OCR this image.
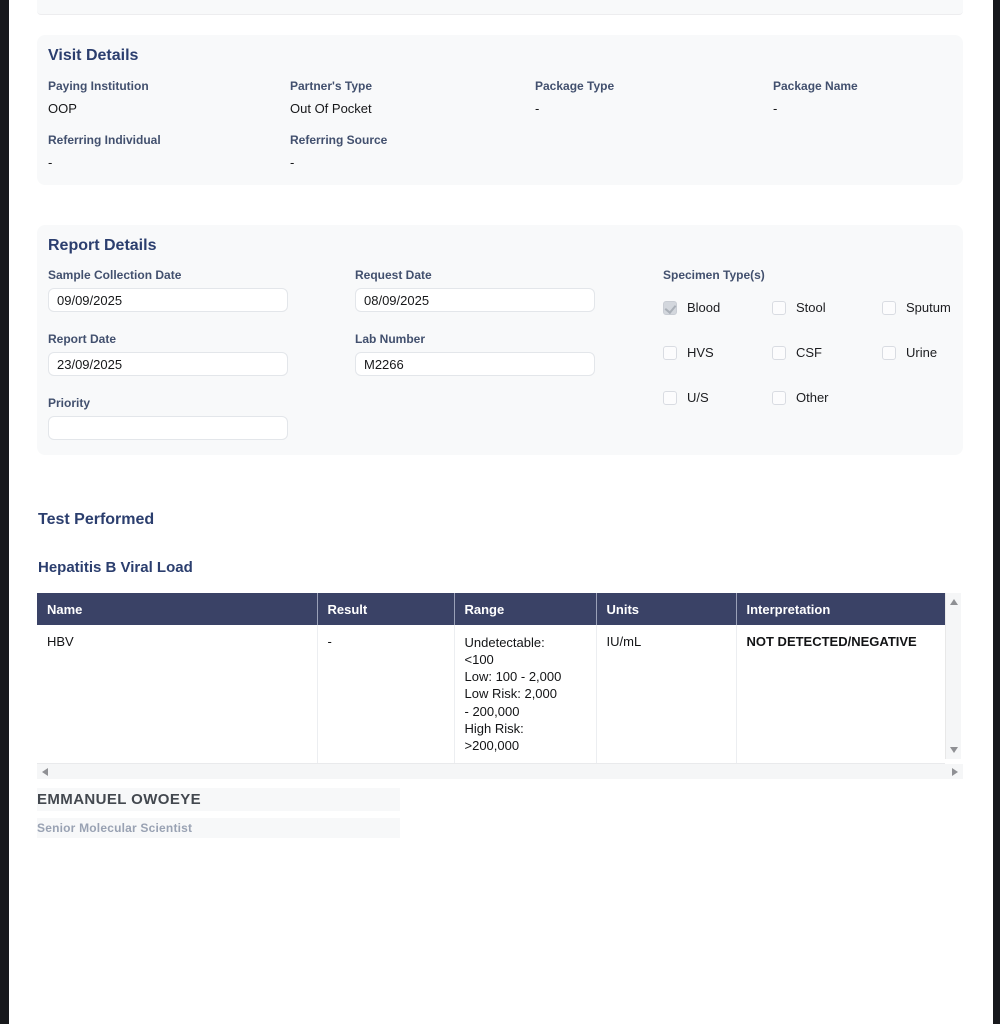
Visit Details
Paying Institution
OOP
Partner's Type
Out Of Pocket
Package Type
-
Package Name
-
Referring Individual
-
Referring Source
-
Report Details
Sample Collection Date
09/09/2025	Request Date
08/09/2025
Report Date
23/09/2025	Lab Number
M2266
Priority
Specimen Type(s)
Blood	Stool	Sputum
HVS	CSF	Urine
U/S	Other
Test Performed
Hepatitis B Viral Load
Name	Result	Range	Units	Interpretation
HBV	-	Undetectable: <100
Low: 100 - 2,000
Low Risk: 2,000 - 200,000
High Risk: >200,000	IU/mL	NOT DETECTED/NEGATIVE
EMMANUEL OWOEYE
Senior Molecular Scientist
